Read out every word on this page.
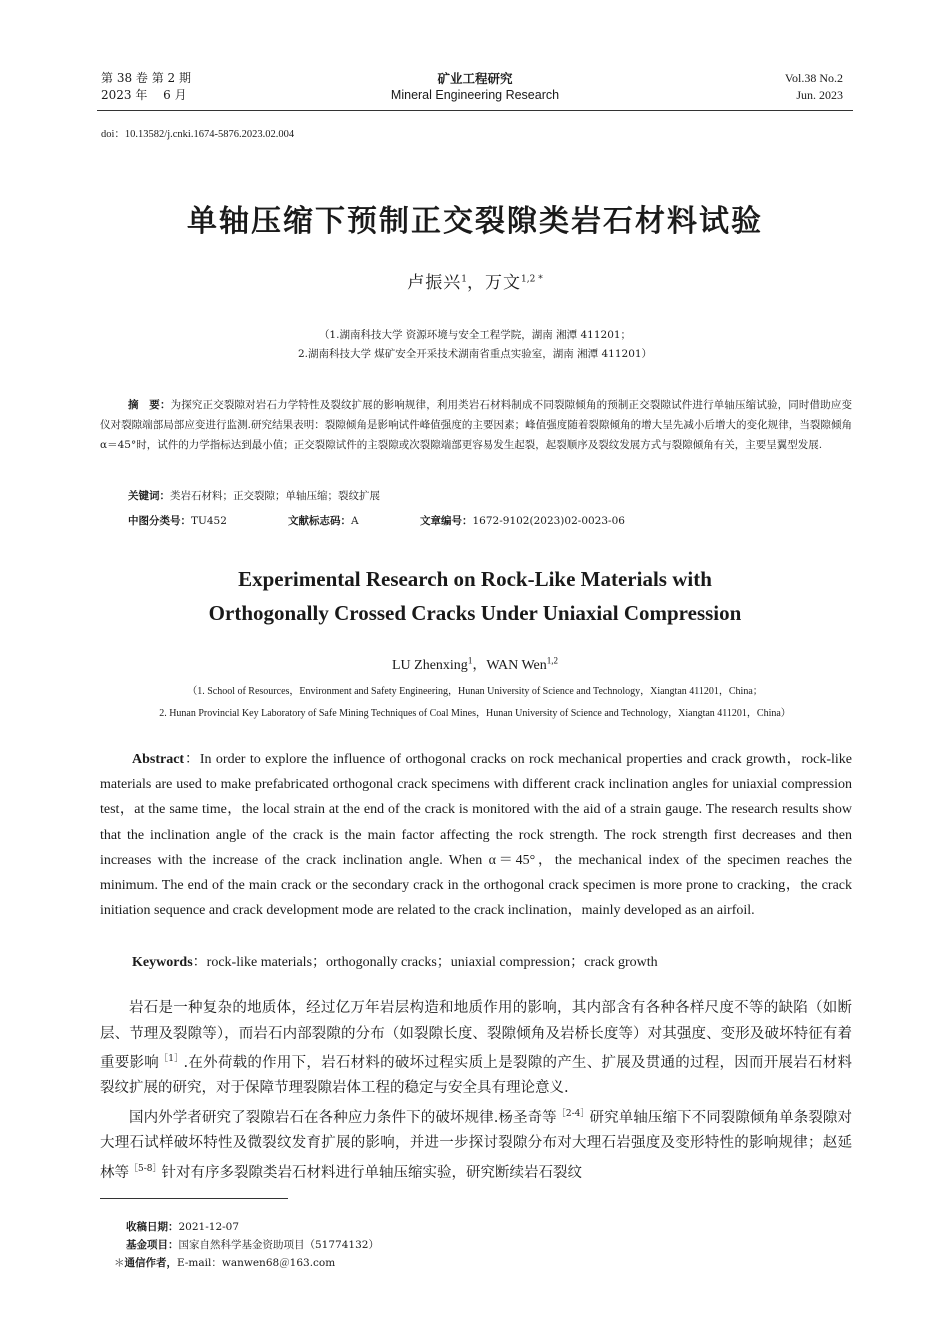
第 38 卷 第 2 期
2023 年　 6 月
矿业工程研究
Mineral Engineering Research
Vol.38 No.2
Jun. 2023
doi：10.13582/j.cnki.1674-5876.2023.02.004
单轴压缩下预制正交裂隙类岩石材料试验
卢振兴$^1$，万文$^{1,2 *}$
（1.湖南科技大学 资源环境与安全工程学院，湖南 湘潭 411201；
2.湖南科技大学 煤矿安全开采技术湖南省重点实验室，湖南 湘潭 411201）
摘　要：为探究正交裂隙对岩石力学特性及裂纹扩展的影响规律，利用类岩石材料制成不同裂隙倾角的预制正交裂隙试件进行单轴压缩试验，同时借助应变仪对裂隙端部局部应变进行监测.研究结果表明：裂隙倾角是影响试件峰值强度的主要因素；峰值强度随着裂隙倾角的增大呈先减小后增大的变化规律，当裂隙倾角 α＝45°时，试件的力学指标达到最小值；正交裂隙试件的主裂隙或次裂隙端部更容易发生起裂，起裂顺序及裂纹发展方式与裂隙倾角有关，主要呈翼型发展.
关键词：类岩石材料；正交裂隙；单轴压缩；裂纹扩展
中图分类号：TU452	文献标志码：A	文章编号：1672-9102(2023)02-0023-06
Experimental Research on Rock-Like Materials with
Orthogonally Crossed Cracks Under Uniaxial Compression
LU Zhenxing$^1$，WAN Wen$^{1,2}$
（1. School of Resources，Environment and Safety Engineering，Hunan University of Science and Technology，Xiangtan 411201，China；
2. Hunan Provincial Key Laboratory of Safe Mining Techniques of Coal Mines，Hunan University of Science and Technology，Xiangtan 411201，China）
Abstract：In order to explore the influence of orthogonal cracks on rock mechanical properties and crack growth，rock-like materials are used to make prefabricated orthogonal crack specimens with different crack inclination angles for uniaxial compression test，at the same time，the local strain at the end of the crack is monitored with the aid of a strain gauge. The research results show that the inclination angle of the crack is the main factor affecting the rock strength. The rock strength first decreases and then increases with the increase of the crack inclination angle. When α＝45°，the mechanical index of the specimen reaches the minimum. The end of the main crack or the secondary crack in the orthogonal crack specimen is more prone to cracking，the crack initiation sequence and crack development mode are related to the crack inclination，mainly developed as an airfoil.
Keywords：rock-like materials；orthogonally cracks；uniaxial compression；crack growth

岩石是一种复杂的地质体，经过亿万年岩层构造和地质作用的影响，其内部含有各种各样尺度不等的缺陷（如断层、节理及裂隙等），而岩石内部裂隙的分布（如裂隙长度、裂隙倾角及岩桥长度等）对其强度、变形及破坏特征有着重要影响$^{[1]}$.在外荷载的作用下，岩石材料的破坏过程实质上是裂隙的产生、扩展及贯通的过程，因而开展岩石材料裂纹扩展的研究，对于保障节理裂隙岩体工程的稳定与安全具有理论意义.

国内外学者研究了裂隙岩石在各种应力条件下的破坏规律.杨圣奇等$^{[2-4]}$研究单轴压缩下不同裂隙倾角单条裂隙对大理石试样破坏特性及微裂纹发育扩展的影响，并进一步探讨裂隙分布对大理石岩强度及变形特性的影响规律；赵延林等$^{[5-8]}$针对有序多裂隙类岩石材料进行单轴压缩实验，研究断续岩石裂纹

收稿日期：2021-12-07
基金项目：国家自然科学基金资助项目（51774132）
＊通信作者，E-mail：wanwen68＠163.com
